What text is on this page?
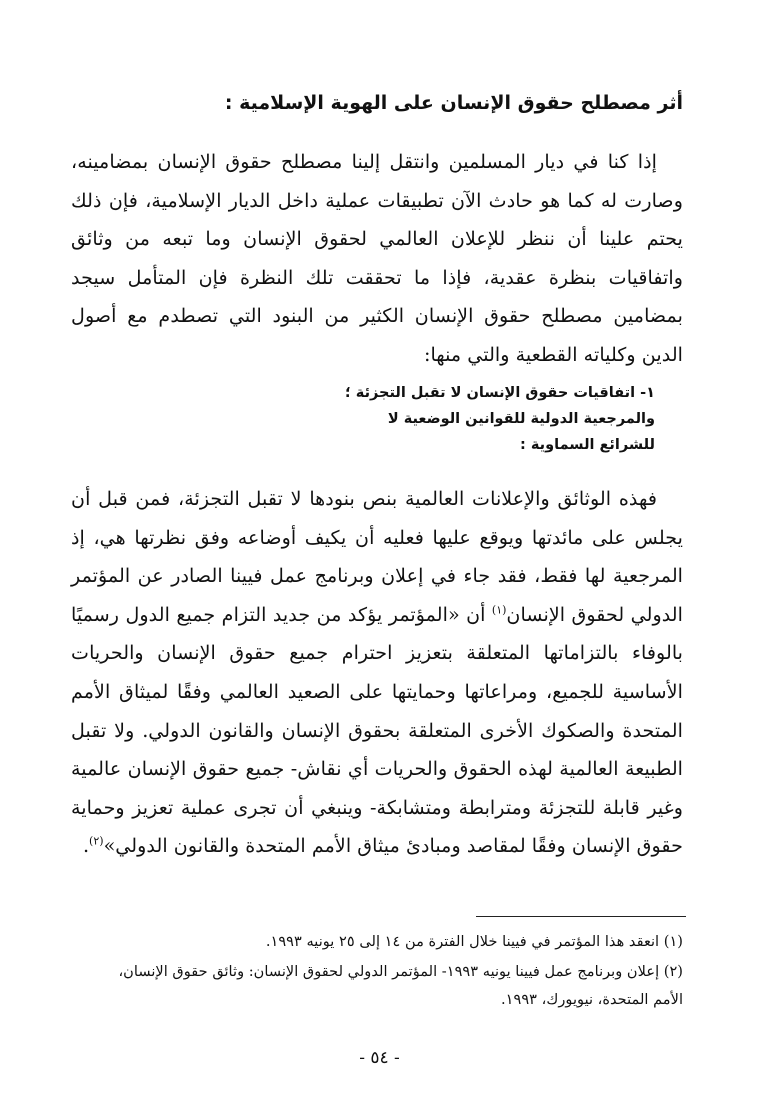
أثر مصطلح حقوق الإنسان على الهوية الإسلامية :
إذا كنا في ديار المسلمين وانتقل إلينا مصطلح حقوق الإنسان بمضامينه، وصارت له كما هو حادث الآن تطبيقات عملية داخل الديار الإسلامية، فإن ذلك يحتم علينا أن ننظر للإعلان العالمي لحقوق الإنسان وما تبعه من وثائق واتفاقيات بنظرة عقدية، فإذا ما تحققت تلك النظرة فإن المتأمل سيجد بمضامين مصطلح حقوق الإنسان الكثير من البنود التي تصطدم مع أصول الدين وكلياته القطعية والتي منها:
١- اتفاقيات حقوق الإنسان لا تقبل التجزئة ؛
والمرجعية الدولية للقوانين الوضعية لا
للشرائع السماوية :
فهذه الوثائق والإعلانات العالمية بنص بنودها لا تقبل التجزئة، فمن قبل أن يجلس على مائدتها ويوقع عليها فعليه أن يكيف أوضاعه وفق نظرتها هي، إذ المرجعية لها فقط، فقد جاء في إعلان وبرنامج عمل فيينا الصادر عن المؤتمر الدولي لحقوق الإنسان$^{(١)}$ أن «المؤتمر يؤكد من جديد التزام جميع الدول رسميًا بالوفاء بالتزاماتها المتعلقة بتعزيز احترام جميع حقوق الإنسان والحريات الأساسية للجميع، ومراعاتها وحمايتها على الصعيد العالمي وفقًا لميثاق الأمم المتحدة والصكوك الأخرى المتعلقة بحقوق الإنسان والقانون الدولي. ولا تقبل الطبيعة العالمية لهذه الحقوق والحريات أي نقاش- جميع حقوق الإنسان عالمية وغير قابلة للتجزئة ومترابطة ومتشابكة- وينبغي أن تجرى عملية تعزيز وحماية حقوق الإنسان وفقًا لمقاصد ومبادئ ميثاق الأمم المتحدة والقانون الدولي»$^{(٢)}$.
(١) انعقد هذا المؤتمر في فيينا خلال الفترة من ١٤ إلى ٢٥ يونيه ١٩٩٣.
(٢) إعلان وبرنامج عمل فيينا يونيه ١٩٩٣- المؤتمر الدولي لحقوق الإنسان: وثائق حقوق الإنسان،
الأمم المتحدة، نيويورك، ١٩٩٣.
- ٥٤ -
